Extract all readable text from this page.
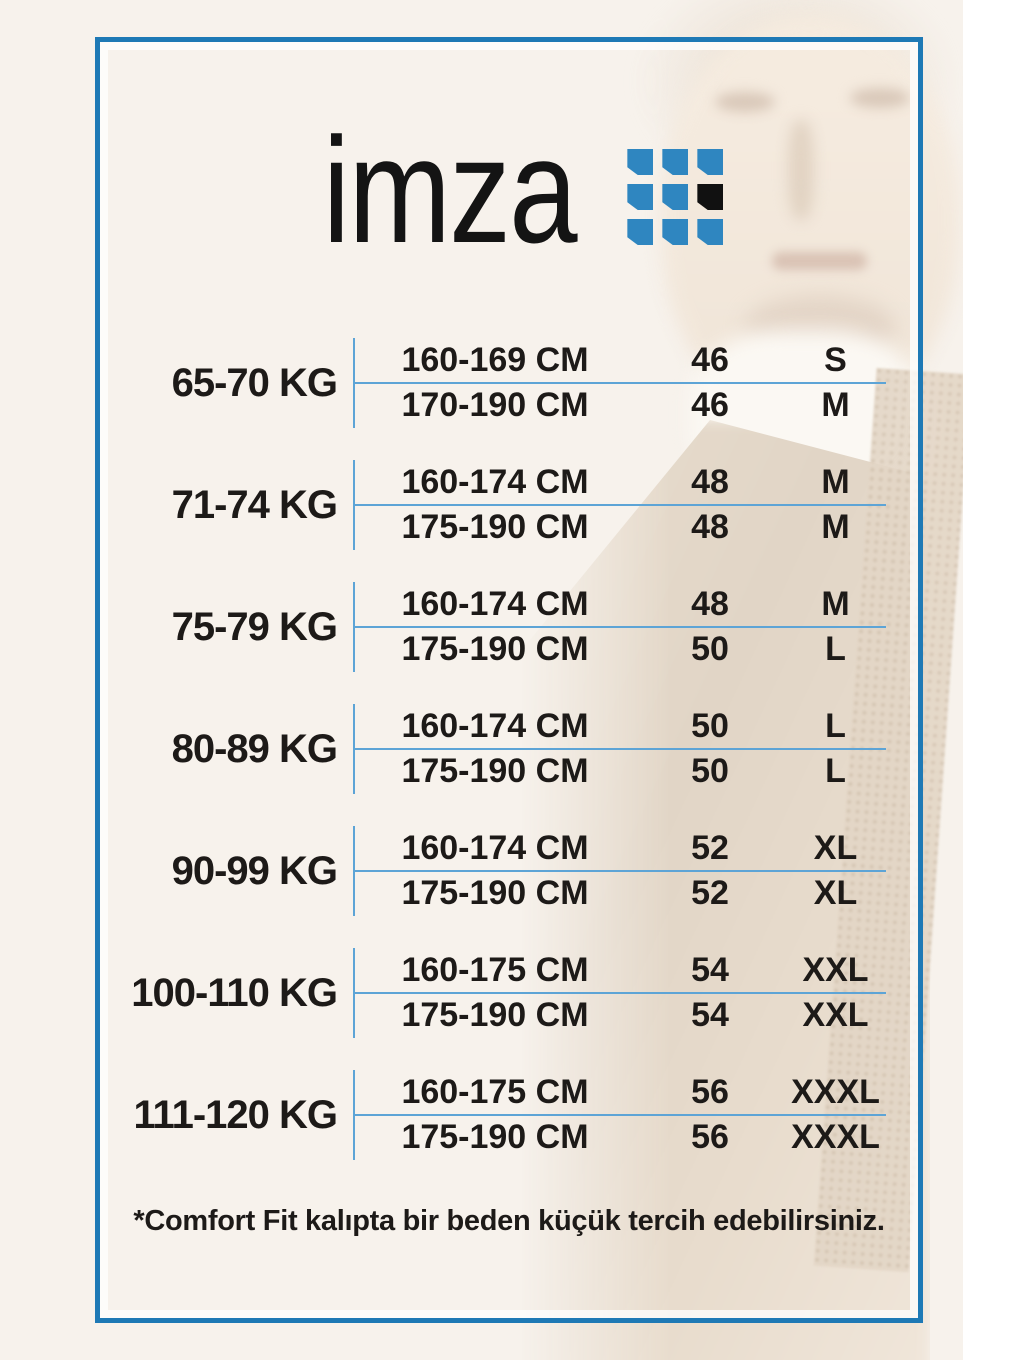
imza
65-70 KG
160-169 CM	46	S
170-190 CM	46	M
71-74 KG
160-174 CM	48	M
175-190 CM	48	M
75-79 KG
160-174 CM	48	M
175-190 CM	50	L
80-89 KG
160-174 CM	50	L
175-190 CM	50	L
90-99 KG
160-174 CM	52	XL
175-190 CM	52	XL
100-110 KG
160-175 CM	54	XXL
175-190 CM	54	XXL
111-120 KG
160-175 CM	56	XXXL
175-190 CM	56	XXXL
*Comfort Fit kalıpta bir beden küçük tercih edebilirsiniz.
